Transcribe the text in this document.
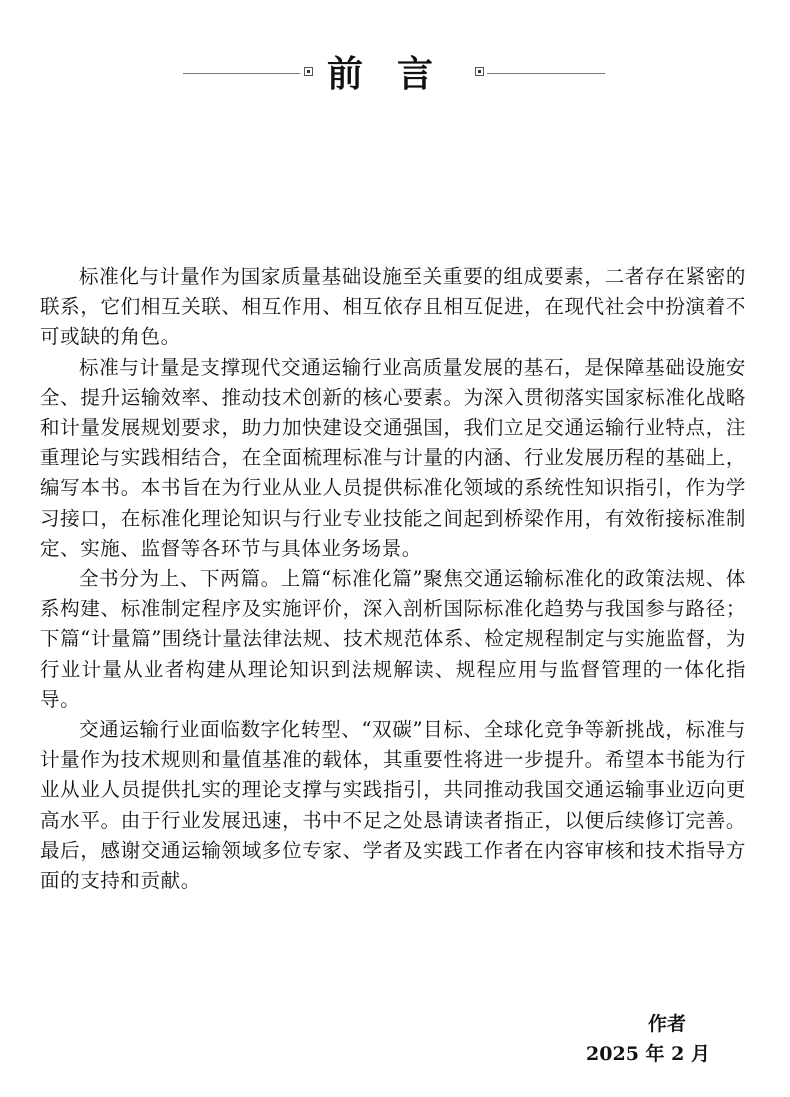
前言

标准化与计量作为国家质量基础设施至关重要的组成要素，二者存在紧密的联系，它们相互关联、相互作用、相互依存且相互促进，在现代社会中扮演着不可或缺的角色。

标准与计量是支撑现代交通运输行业高质量发展的基石，是保障基础设施安全、提升运输效率、推动技术创新的核心要素。为深入贯彻落实国家标准化战略和计量发展规划要求，助力加快建设交通强国，我们立足交通运输行业特点，注重理论与实践相结合，在全面梳理标准与计量的内涵、行业发展历程的基础上，编写本书。本书旨在为行业从业人员提供标准化领域的系统性知识指引，作为学习接口，在标准化理论知识与行业专业技能之间起到桥梁作用，有效衔接标准制定、实施、监督等各环节与具体业务场景。

全书分为上、下两篇。上篇“标准化篇”聚焦交通运输标准化的政策法规、体系构建、标准制定程序及实施评价，深入剖析国际标准化趋势与我国参与路径；下篇“计量篇”围绕计量法律法规、技术规范体系、检定规程制定与实施监督，为行业计量从业者构建从理论知识到法规解读、规程应用与监督管理的一体化指导。

交通运输行业面临数字化转型、“双碳”目标、全球化竞争等新挑战，标准与计量作为技术规则和量值基准的载体，其重要性将进一步提升。希望本书能为行业从业人员提供扎实的理论支撑与实践指引，共同推动我国交通运输事业迈向更高水平。由于行业发展迅速，书中不足之处恳请读者指正，以便后续修订完善。最后，感谢交通运输领域多位专家、学者及实践工作者在内容审核和技术指导方面的支持和贡献。

作者
2025 年 2 月
